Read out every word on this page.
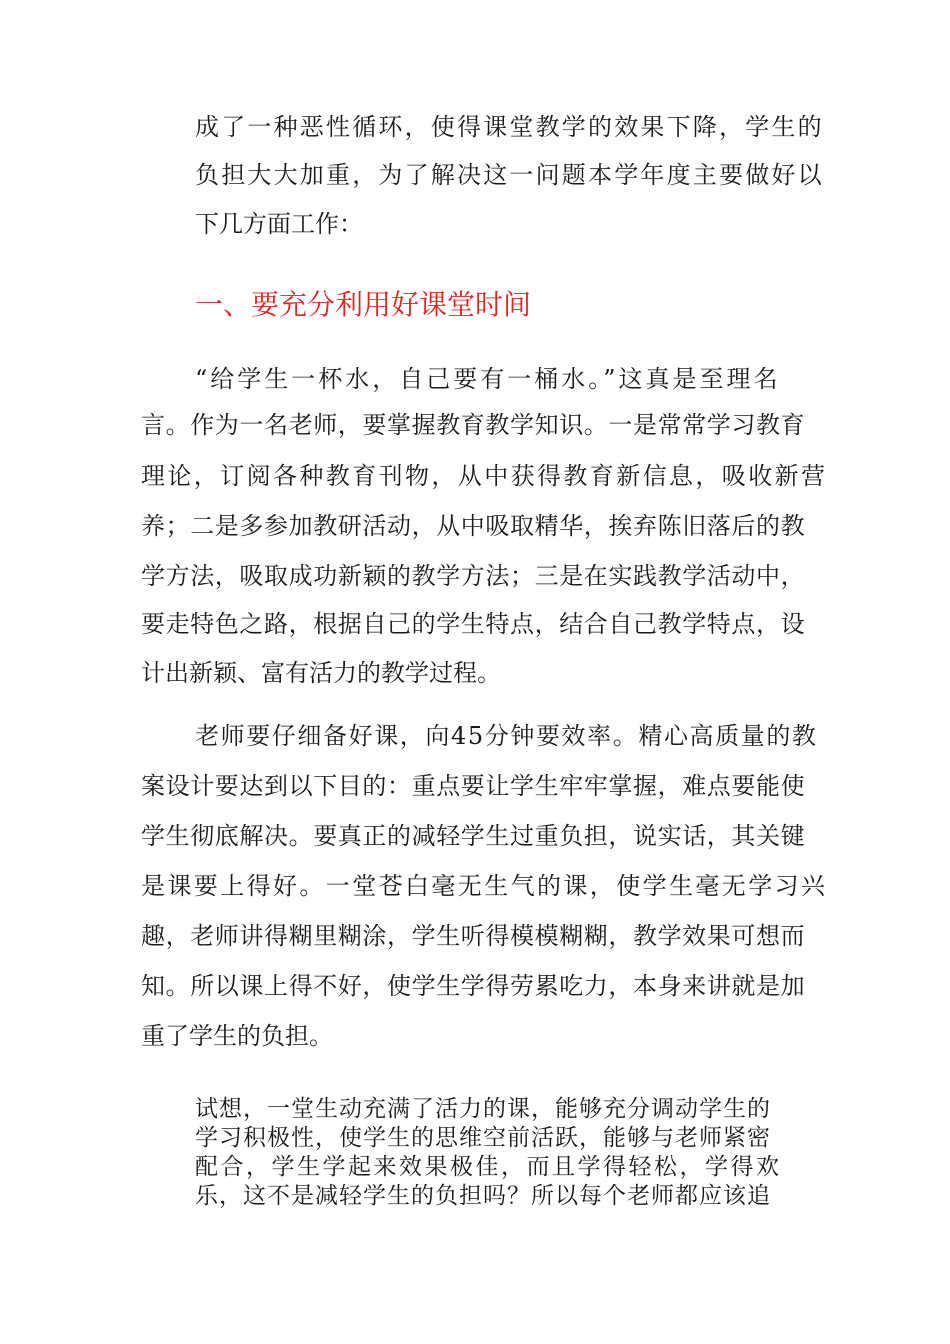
成了一种恶性循环，使得课堂教学的效果下降，学生的
负担大大加重，为了解决这一问题本学年度主要做好以
下几方面工作：
一、要充分利用好课堂时间
“给学生一杯水，自己要有一桶水。”这真是至理名
言。作为一名老师，要掌握教育教学知识。一是常常学习教育
理论，订阅各种教育刊物，从中获得教育新信息，吸收新营
养；二是多参加教研活动，从中吸取精华，挨弃陈旧落后的教
学方法，吸取成功新颖的教学方法；三是在实践教学活动中，
要走特色之路，根据自己的学生特点，结合自己教学特点，设
计出新颖、富有活力的教学过程。
老师要仔细备好课，向45分钟要效率。精心高质量的教
案设计要达到以下目的：重点要让学生牢牢掌握，难点要能使
学生彻底解决。要真正的减轻学生过重负担，说实话，其关键
是课要上得好。一堂苍白毫无生气的课，使学生毫无学习兴
趣，老师讲得糊里糊涂，学生听得模模糊糊，教学效果可想而
知。所以课上得不好，使学生学得劳累吃力，本身来讲就是加
重了学生的负担。
试想，一堂生动充满了活力的课，能够充分调动学生的
学习积极性，使学生的思维空前活跃，能够与老师紧密
配合，学生学起来效果极佳，而且学得轻松，学得欢
乐，这不是减轻学生的负担吗？所以每个老师都应该追
